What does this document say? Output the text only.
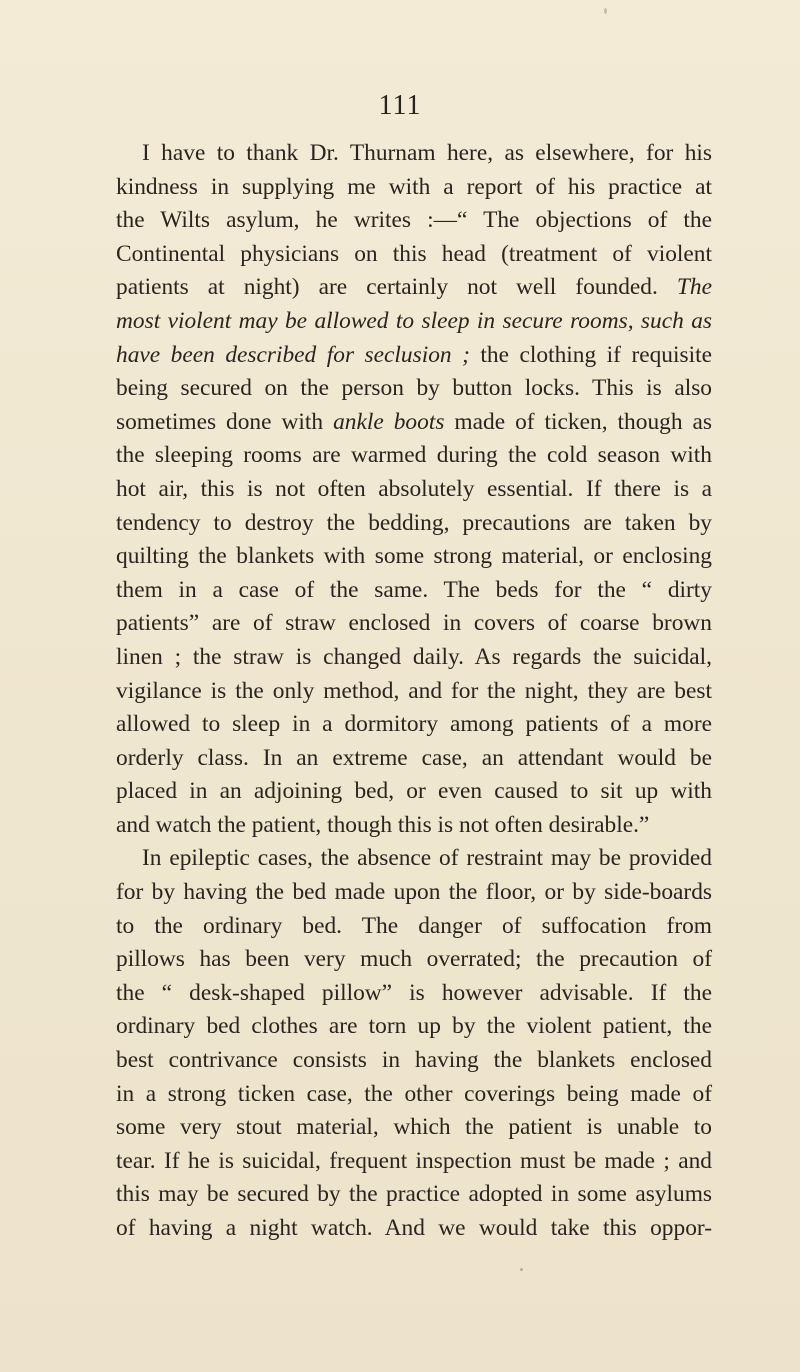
111
I have to thank Dr. Thurnam here, as elsewhere, for his
kindness in supplying me with a report of his practice at
the Wilts asylum, he writes :—“ The objections of the
Continental physicians on this head (treatment of violent
patients at night) are certainly not well founded. The
most violent may be allowed to sleep in secure rooms, such as
have been described for seclusion ; the clothing if requisite
being secured on the person by button locks. This is also
sometimes done with ankle boots made of ticken, though as
the sleeping rooms are warmed during the cold season with
hot air, this is not often absolutely essential. If there is a
tendency to destroy the bedding, precautions are taken by
quilting the blankets with some strong material, or enclosing
them in a case of the same. The beds for the “ dirty
patients” are of straw enclosed in covers of coarse brown
linen ; the straw is changed daily. As regards the suicidal,
vigilance is the only method, and for the night, they are best
allowed to sleep in a dormitory among patients of a more
orderly class. In an extreme case, an attendant would be
placed in an adjoining bed, or even caused to sit up with
and watch the patient, though this is not often desirable.”
In epileptic cases, the absence of restraint may be provided
for by having the bed made upon the floor, or by side-boards
to the ordinary bed. The danger of suffocation from
pillows has been very much overrated; the precaution of
the “ desk-shaped pillow” is however advisable. If the
ordinary bed clothes are torn up by the violent patient, the
best contrivance consists in having the blankets enclosed
in a strong ticken case, the other coverings being made of
some very stout material, which the patient is unable to
tear. If he is suicidal, frequent inspection must be made ; and
this may be secured by the practice adopted in some asylums
of having a night watch. And we would take this oppor-
